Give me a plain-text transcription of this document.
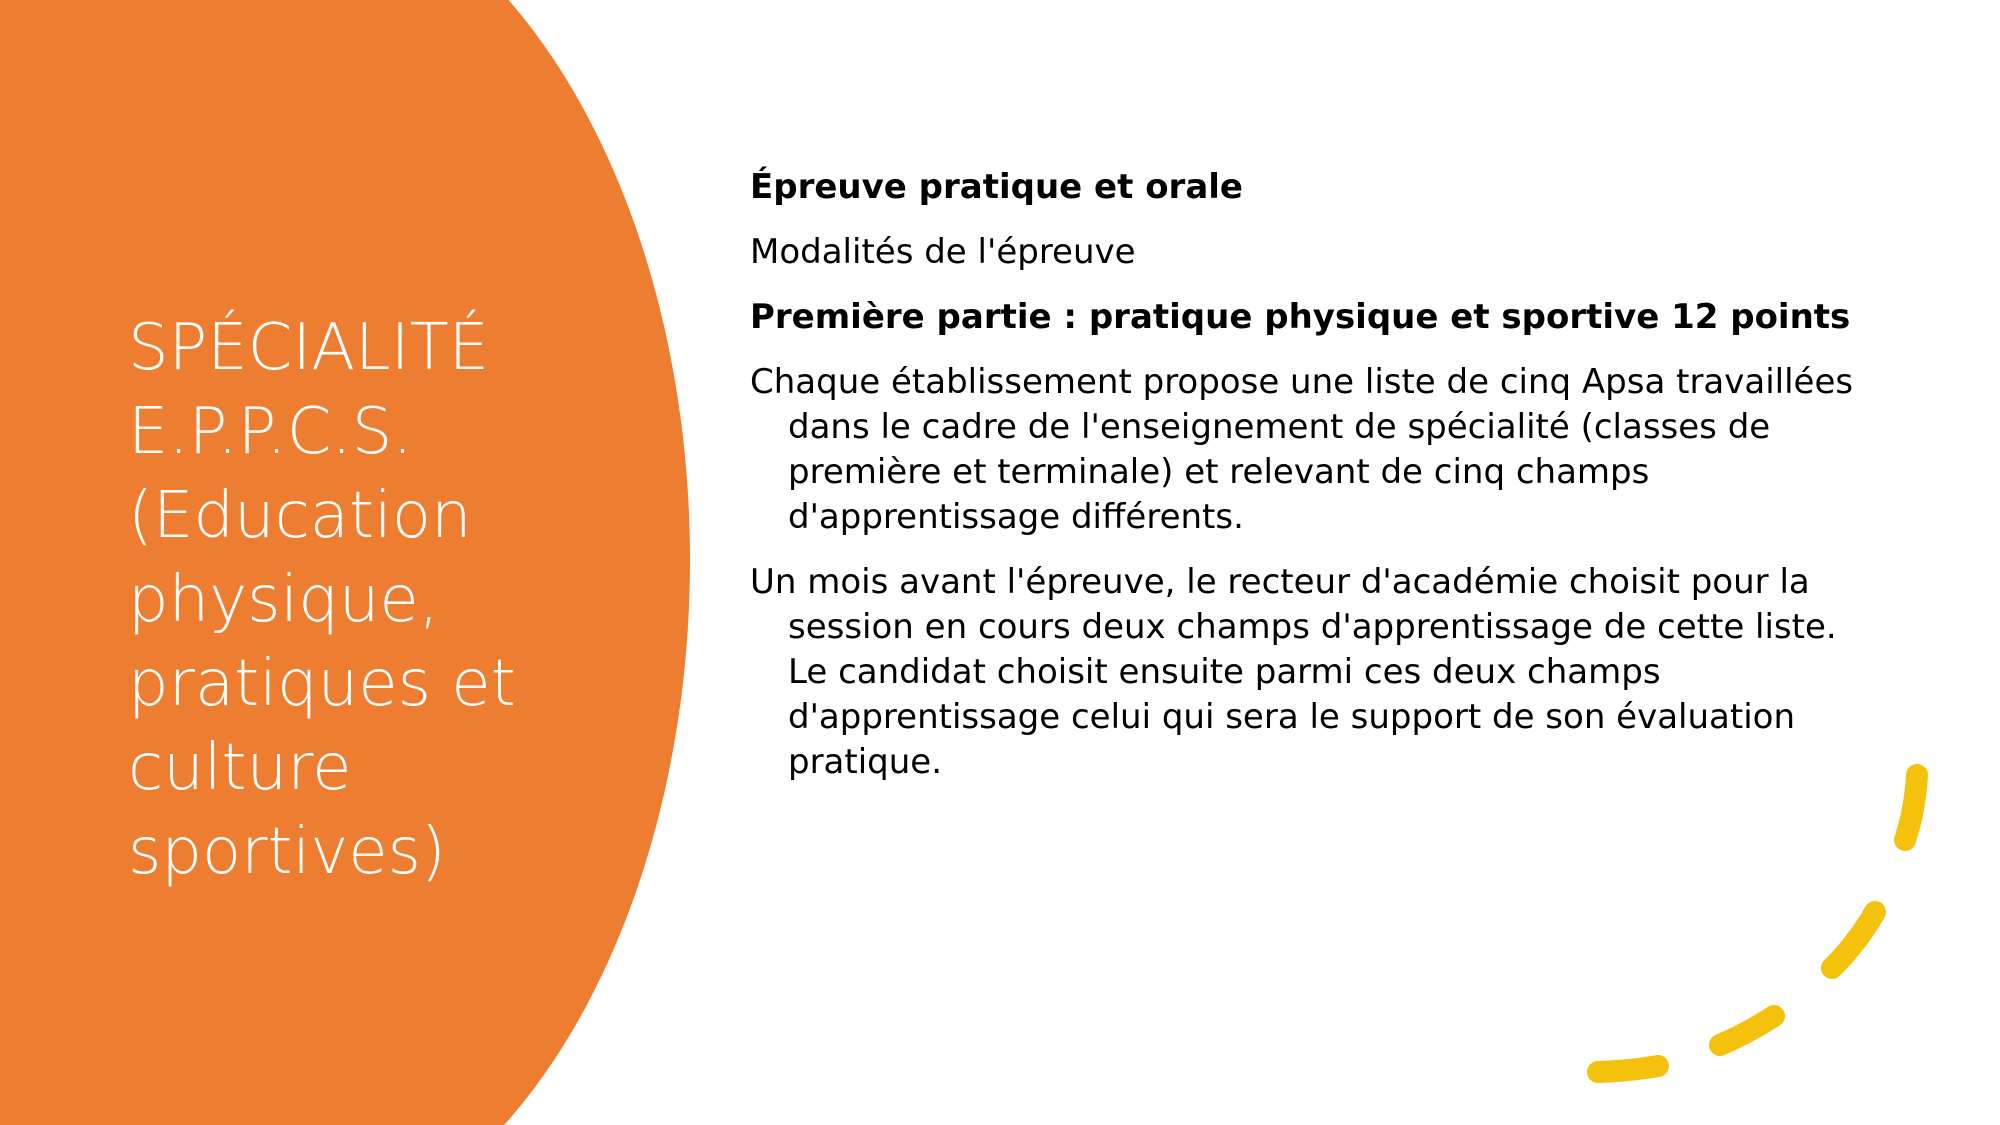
SPÉCIALITÉ
E.P.P.C.S.
(Education
physique,
pratiques et
culture
sportives)

Épreuve pratique et orale

Modalités de l'épreuve

Première partie : pratique physique et sportive 12 points

Chaque établissement propose une liste de cinq Apsa travaillées dans le cadre de l'enseignement de spécialité (classes de première et terminale) et relevant de cinq champs d'apprentissage différents.

Un mois avant l'épreuve, le recteur d'académie choisit pour la session en cours deux champs d'apprentissage de cette liste. Le candidat choisit ensuite parmi ces deux champs d'apprentissage celui qui sera le support de son évaluation pratique.
